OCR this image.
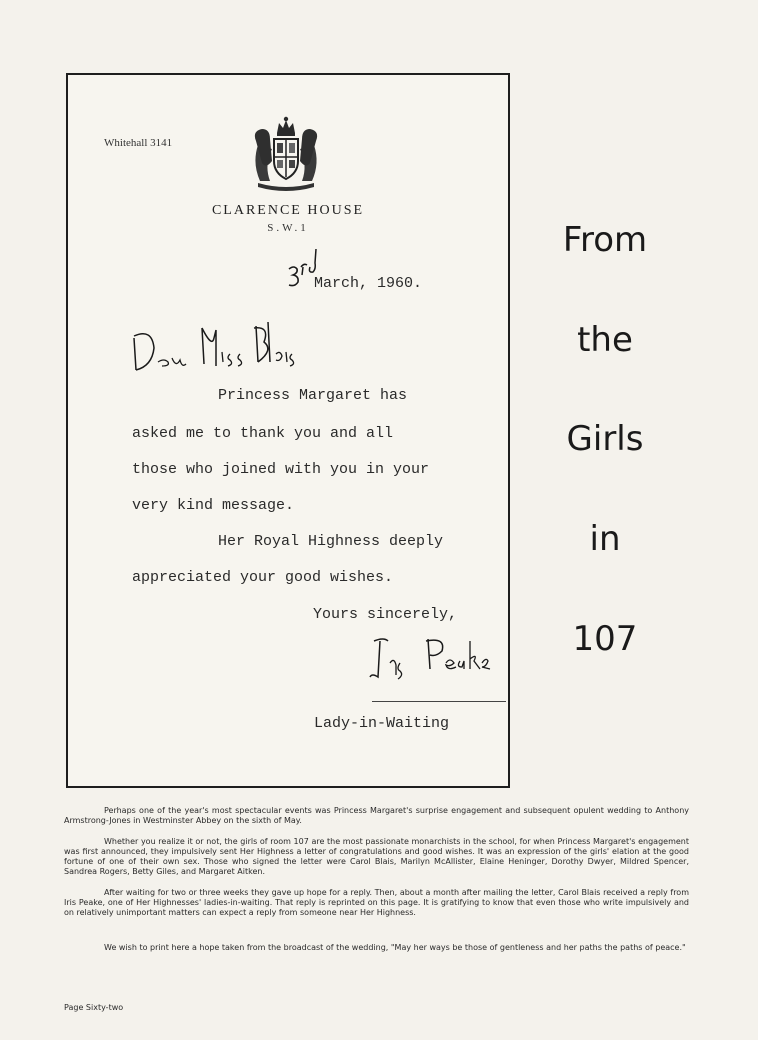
Whitehall 3141
CLARENCE HOUSE
S.W.1
March, 1960.
Princess Margaret has
asked me to thank you and all
those who joined with you in your
very kind message.
Her Royal Highness deeply
appreciated your good wishes.
Yours sincerely,
Lady-in-Waiting
From
the
Girls
in
107

Perhaps one of the year's most spectacular events was Princess Margaret's surprise engagement and subsequent opulent wedding to Anthony Armstrong-Jones in Westminster Abbey on the sixth of May.

Whether you realize it or not, the girls of room 107 are the most passionate monarchists in the school, for when Princess Margaret's engagement was first announced, they impulsively sent Her Highness a letter of congratulations and good wishes. It was an expression of the girls' elation at the good fortune of one of their own sex. Those who signed the letter were Carol Blais, Marilyn McAllister, Elaine Heninger, Dorothy Dwyer, Mildred Spencer, Sandrea Rogers, Betty Giles, and Margaret Aitken.

After waiting for two or three weeks they gave up hope for a reply. Then, about a month after mailing the letter, Carol Blais received a reply from Iris Peake, one of Her Highnesses' ladies-in-waiting. That reply is reprinted on this page. It is gratifying to know that even those who write impulsively and on relatively unimportant matters can expect a reply from someone near Her Highness.

We wish to print here a hope taken from the broadcast of the wedding, "May her ways be those of gentleness and her paths the paths of peace."

Page Sixty-two
